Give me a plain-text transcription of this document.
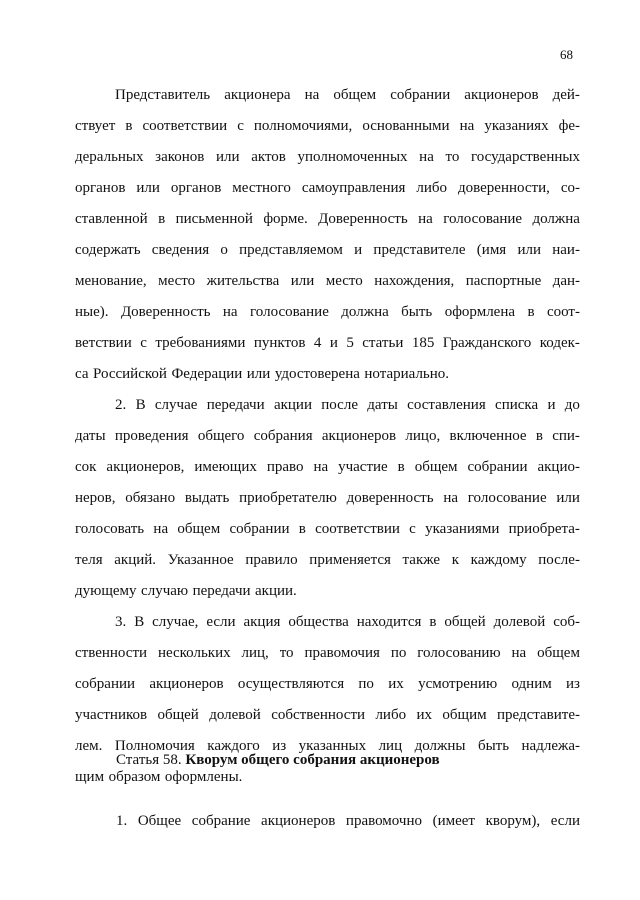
68
Представитель акционера на общем собрании акционеров дей-
ствует в соответствии с полномочиями, основанными на указаниях фе-
деральных законов или актов уполномоченных на то государственных
органов или органов местного самоуправления либо доверенности, со-
ставленной в письменной форме. Доверенность на голосование должна
содержать сведения о представляемом и представителе (имя или наи-
менование, место жительства или место нахождения, паспортные дан-
ные). Доверенность на голосование должна быть оформлена в соот-
ветствии с требованиями пунктов 4 и 5 статьи 185 Гражданского кодек-
са Российской Федерации или удостоверена нотариально.
2. В случае передачи акции после даты составления списка и до
даты проведения общего собрания акционеров лицо, включенное в спи-
сок акционеров, имеющих право на участие в общем собрании акцио-
неров, обязано выдать приобретателю доверенность на голосование или
голосовать на общем собрании в соответствии с указаниями приобрета-
теля акций. Указанное правило применяется также к каждому после-
дующему случаю передачи акции.
3. В случае, если акция общества находится в общей долевой соб-
ственности нескольких лиц, то правомочия по голосованию на общем
собрании акционеров осуществляются по их усмотрению одним из
участников общей долевой собственности либо их общим представите-
лем. Полномочия каждого из указанных лиц должны быть надлежа-
щим образом оформлены.
Статья 58. Кворум общего собрания акционеров
1. Общее собрание акционеров правомочно (имеет кворум), если
